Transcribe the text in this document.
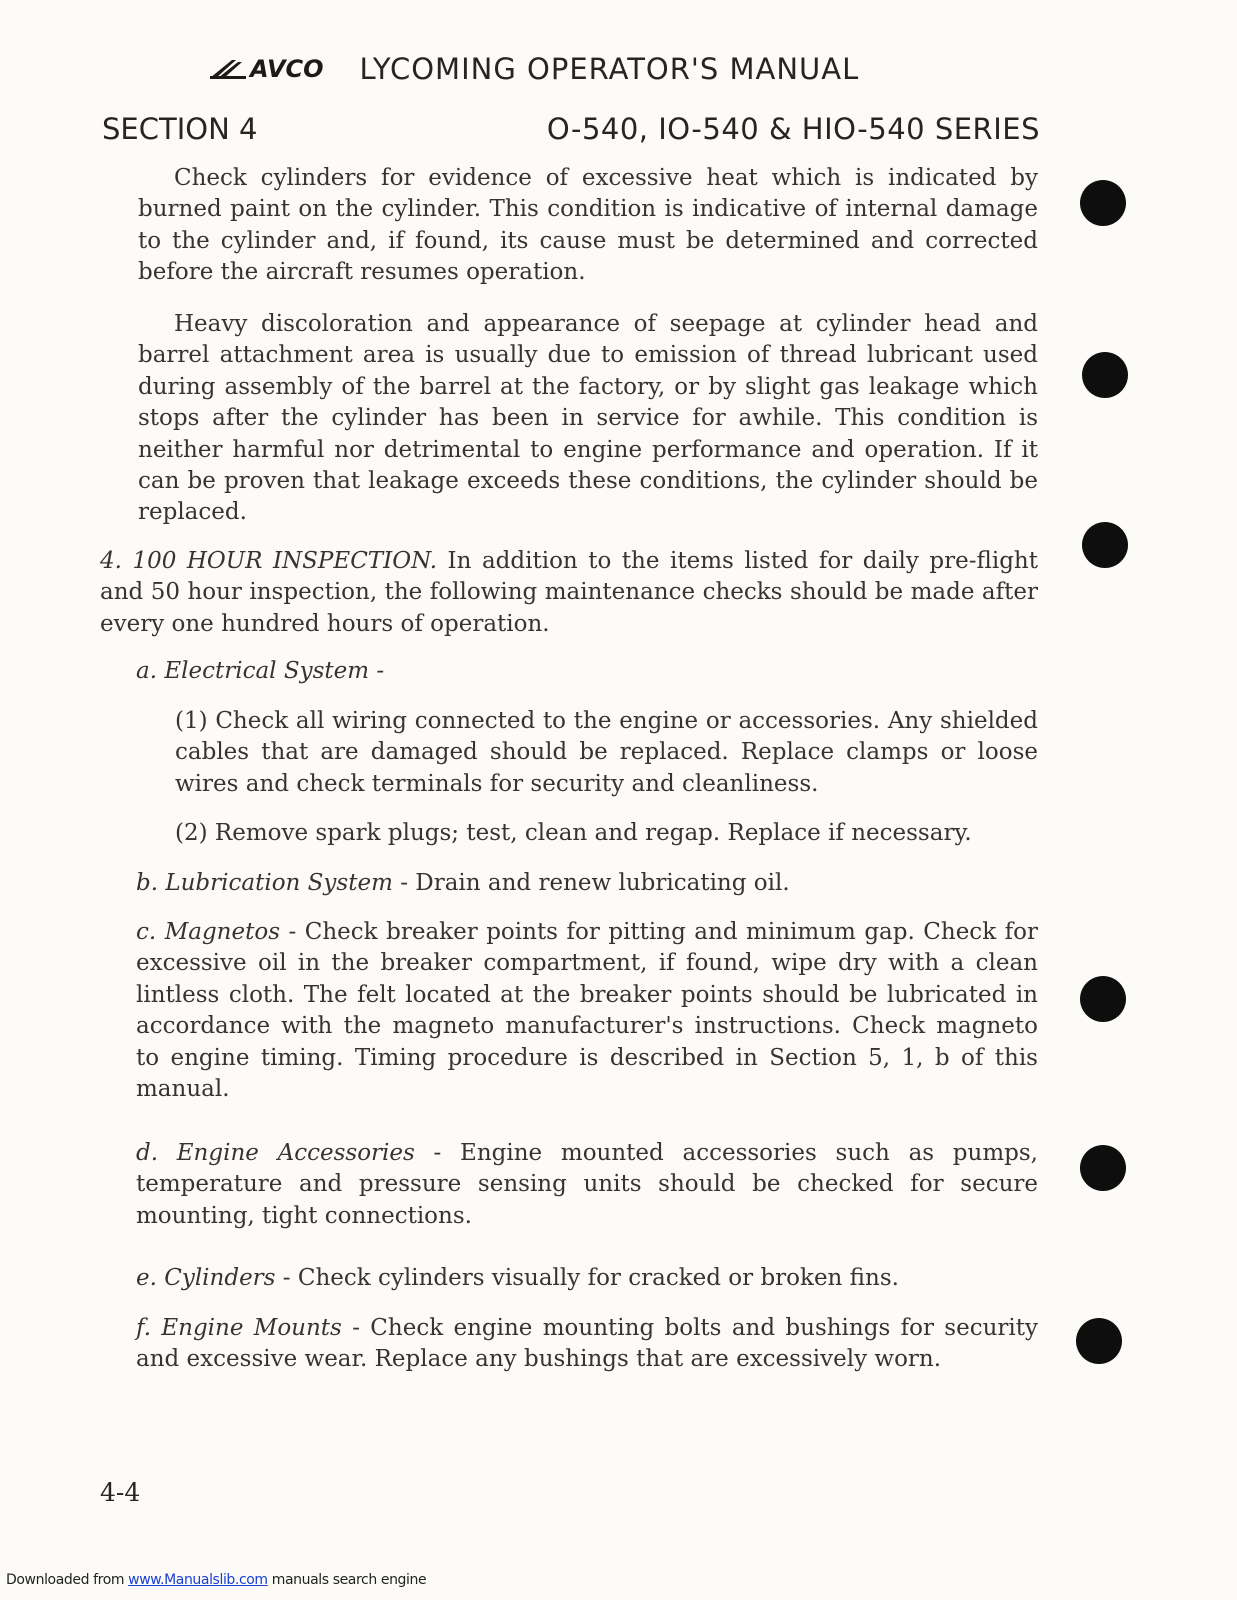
AVCO LYCOMING OPERATOR'S MANUAL
SECTION 4	O-540, IO-540 & HIO-540 SERIES

Check cylinders for evidence of excessive heat which is indicated by burned paint on the cylinder. This condition is indicative of internal damage to the cylinder and, if found, its cause must be determined and corrected before the aircraft resumes operation.

Heavy discoloration and appearance of seepage at cylinder head and barrel attachment area is usually due to emission of thread lubricant used during assembly of the barrel at the factory, or by slight gas leakage which stops after the cylinder has been in service for awhile. This condition is neither harmful nor detrimental to engine performance and operation. If it can be proven that leakage exceeds these conditions, the cylinder should be replaced.

4. 100 HOUR INSPECTION. In addition to the items listed for daily pre-flight and 50 hour inspection, the following maintenance checks should be made after every one hundred hours of operation.

a. Electrical System -

(1) Check all wiring connected to the engine or accessories. Any shielded cables that are damaged should be replaced. Replace clamps or loose wires and check terminals for security and cleanliness.

(2) Remove spark plugs; test, clean and regap. Replace if necessary.

b. Lubrication System - Drain and renew lubricating oil.

c. Magnetos - Check breaker points for pitting and minimum gap. Check for excessive oil in the breaker compartment, if found, wipe dry with a clean lintless cloth. The felt located at the breaker points should be lubricated in accordance with the magneto manufacturer's instructions. Check magneto to engine timing. Timing procedure is described in Section 5, 1, b of this manual.

d. Engine Accessories - Engine mounted accessories such as pumps, temperature and pressure sensing units should be checked for secure mounting, tight connections.

e. Cylinders - Check cylinders visually for cracked or broken fins.

f. Engine Mounts - Check engine mounting bolts and bushings for security and excessive wear. Replace any bushings that are excessively worn.

4-4
Downloaded from www.Manualslib.com manuals search engine
